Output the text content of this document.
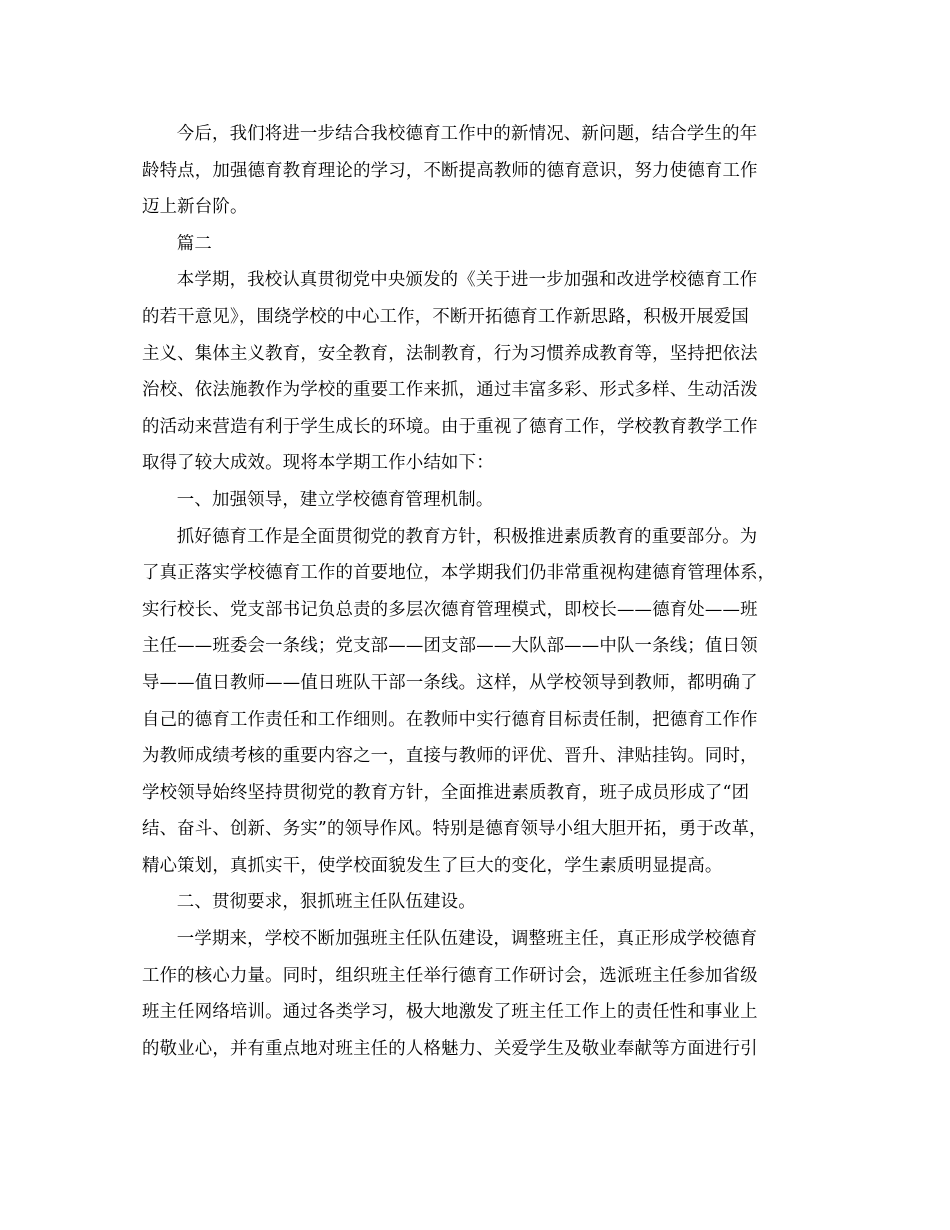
今后，我们将进一步结合我校德育工作中的新情况、新问题，结合学生的年
龄特点，加强德育教育理论的学习，不断提高教师的德育意识，努力使德育工作
迈上新台阶。
篇二
本学期，我校认真贯彻党中央颁发的《关于进一步加强和改进学校德育工作
的若干意见》，围绕学校的中心工作，不断开拓德育工作新思路，积极开展爱国
主义、集体主义教育，安全教育，法制教育，行为习惯养成教育等，坚持把依法
治校、依法施教作为学校的重要工作来抓，通过丰富多彩、形式多样、生动活泼
的活动来营造有利于学生成长的环境。由于重视了德育工作，学校教育教学工作
取得了较大成效。现将本学期工作小结如下：
一、加强领导，建立学校德育管理机制。
抓好德育工作是全面贯彻党的教育方针，积极推进素质教育的重要部分。为
了真正落实学校德育工作的首要地位，本学期我们仍非常重视构建德育管理体系，
实行校长、党支部书记负总责的多层次德育管理模式，即校长——德育处——班
主任——班委会一条线；党支部——团支部——大队部——中队一条线；值日领
导——值日教师——值日班队干部一条线。这样，从学校领导到教师，都明确了
自己的德育工作责任和工作细则。在教师中实行德育目标责任制，把德育工作作
为教师成绩考核的重要内容之一，直接与教师的评优、晋升、津贴挂钩。同时，
学校领导始终坚持贯彻党的教育方针，全面推进素质教育，班子成员形成了“团
结、奋斗、创新、务实”的领导作风。特别是德育领导小组大胆开拓，勇于改革，
精心策划，真抓实干，使学校面貌发生了巨大的变化，学生素质明显提高。
二、贯彻要求，狠抓班主任队伍建设。
一学期来，学校不断加强班主任队伍建设，调整班主任，真正形成学校德育
工作的核心力量。同时，组织班主任举行德育工作研讨会，选派班主任参加省级
班主任网络培训。通过各类学习，极大地激发了班主任工作上的责任性和事业上
的敬业心，并有重点地对班主任的人格魅力、关爱学生及敬业奉献等方面进行引
